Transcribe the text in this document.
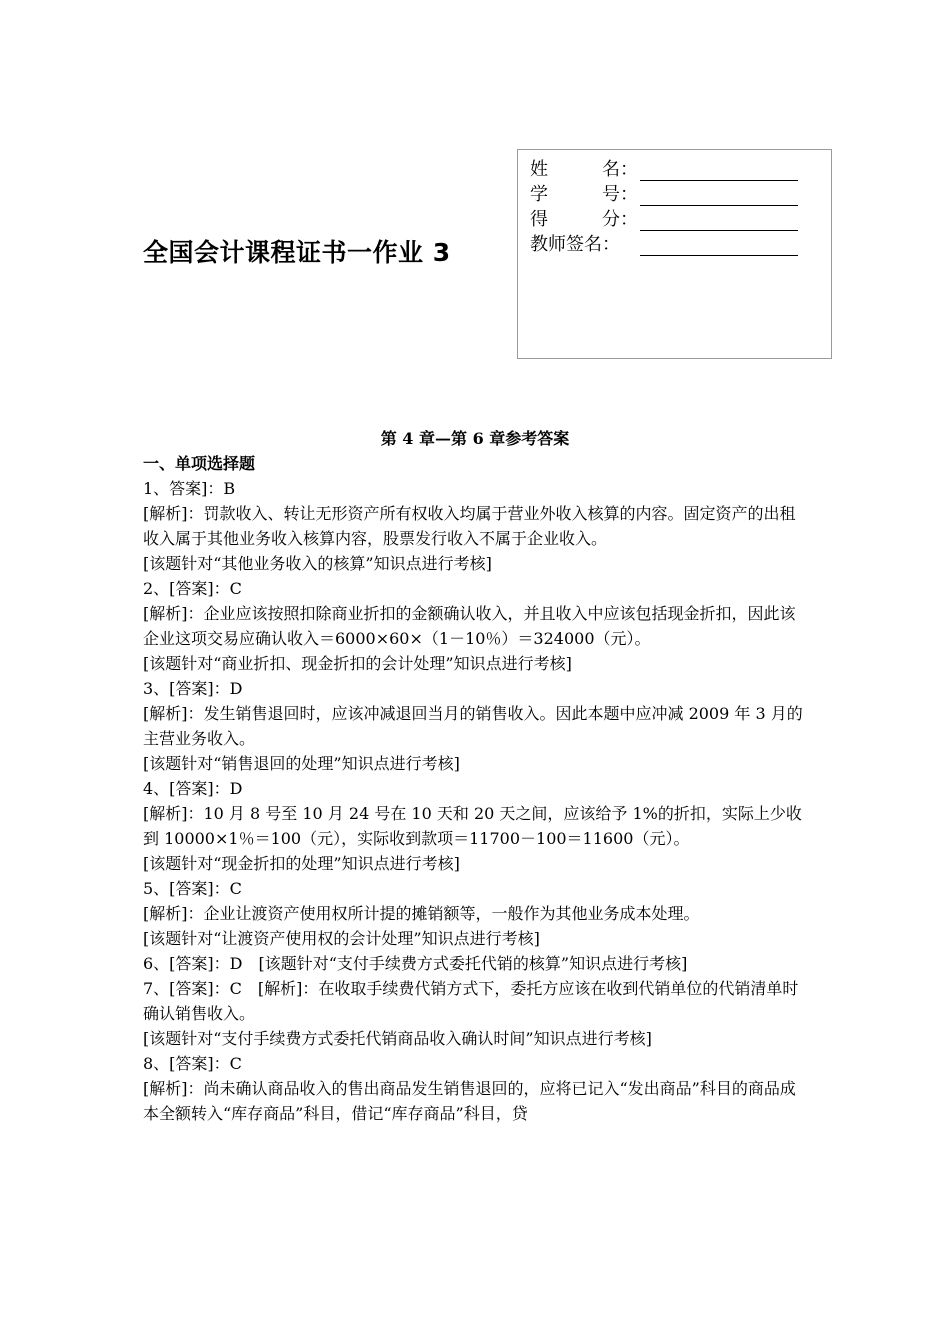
全国会计课程证书一作业 3
姓	名：
学	号：
得	分：
教师签名：
第 4 章—第 6 章参考答案

一、单项选择题

1、答案]：B

[解析]：罚款收入、转让无形资产所有权收入均属于营业外收入核算的内容。固定资产的出租收入属于其他业务收入核算内容，股票发行收入不属于企业收入。

[该题针对“其他业务收入的核算”知识点进行考核]

2、[答案]：C

[解析]：企业应该按照扣除商业折扣的金额确认收入，并且收入中应该包括现金折扣，因此该企业这项交易应确认收入＝6000×60×（1－10％）＝324000（元）。

[该题针对“商业折扣、现金折扣的会计处理”知识点进行考核]

3、[答案]：D

[解析]：发生销售退回时，应该冲减退回当月的销售收入。因此本题中应冲减 2009 年 3 月的主营业务收入。

[该题针对“销售退回的处理”知识点进行考核]

4、[答案]：D

[解析]：10 月 8 号至 10 月 24 号在 10 天和 20 天之间，应该给予 1%的折扣，实际上少收到 10000×1％＝100（元），实际收到款项＝11700－100＝11600（元）。

[该题针对“现金折扣的处理”知识点进行考核]

5、[答案]：C

[解析]：企业让渡资产使用权所计提的摊销额等，一般作为其他业务成本处理。

[该题针对“让渡资产使用权的会计处理”知识点进行考核]

6、[答案]：D　[该题针对“支付手续费方式委托代销的核算”知识点进行考核]

7、[答案]：C　[解析]：在收取手续费代销方式下，委托方应该在收到代销单位的代销清单时确认销售收入。

[该题针对“支付手续费方式委托代销商品收入确认时间”知识点进行考核]

8、[答案]：C

[解析]：尚未确认商品收入的售出商品发生销售退回的，应将已记入“发出商品”科目的商品成本全额转入“库存商品”科目，借记“库存商品”科目，贷
